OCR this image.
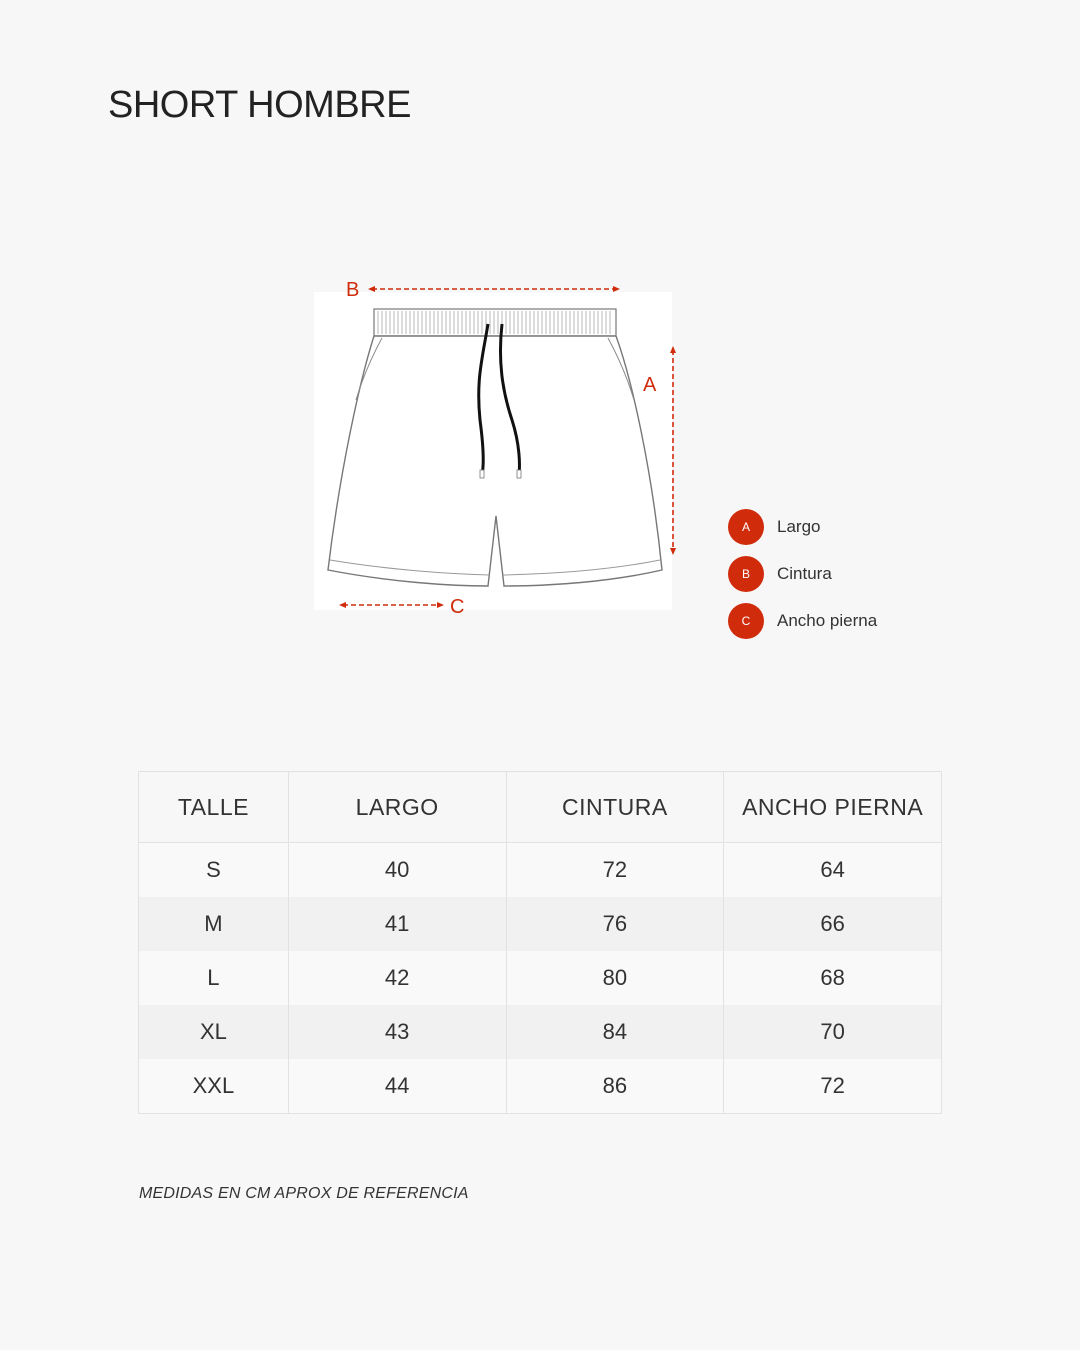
SHORT HOMBRE
B
A
C
A	Largo
B	Cintura
C	Ancho pierna
TALLE	LARGO	CINTURA	ANCHO PIERNA
S	40	72	64
M	41	76	66
L	42	80	68
XL	43	84	70
XXL	44	86	72
MEDIDAS EN CM APROX DE REFERENCIA
